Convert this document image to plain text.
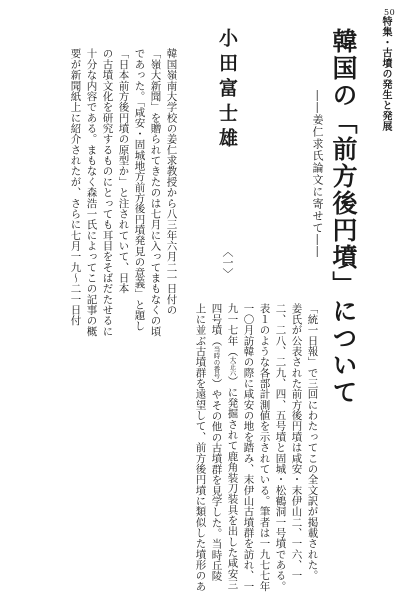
50
特集・古墳の発生と発展
韓国の「前方後円墳」について
――姜仁求氏論文に寄せて――
小田富士雄
〈一〉
「統一日報」で三回にわたってこの全文訳が掲載された。
姜氏が公表された前方後円墳は咸安・末伊山二、一六、一
二、二八、二九、四、五号墳と固城・松鶴洞一号墳である。
表１のような各部計測値を示されている。筆者は一九七七年
一〇月訪韓の際に咸安の地を踏み、末伊山古墳群を訪れ、一
九一七年（大正六）に発掘されて鹿角装刀装具を出した咸安三
四号墳（当時の番号）やその他の古墳群を見学した。当時丘陵
上に並ぶ古墳群を遠望して、前方後円墳に類似した墳形のあ
韓国嶺南大学校の姜仁求教授から八三年六月二一日付の
「嶺大新聞」を贈られてきたのは七月に入ってまもなくの頃
であった。「咸安・固城地方前方後円墳発見の意義」と題し
「日本前方後円墳の原型か」と注されていて、日本
の古墳文化を研究するものにとっても耳目をそばだたせるに
十分な内容である。まもなく森浩一氏によってこの記事の概
要が新聞紙上に紹介されたが、さらに七月一九〜二一日付
